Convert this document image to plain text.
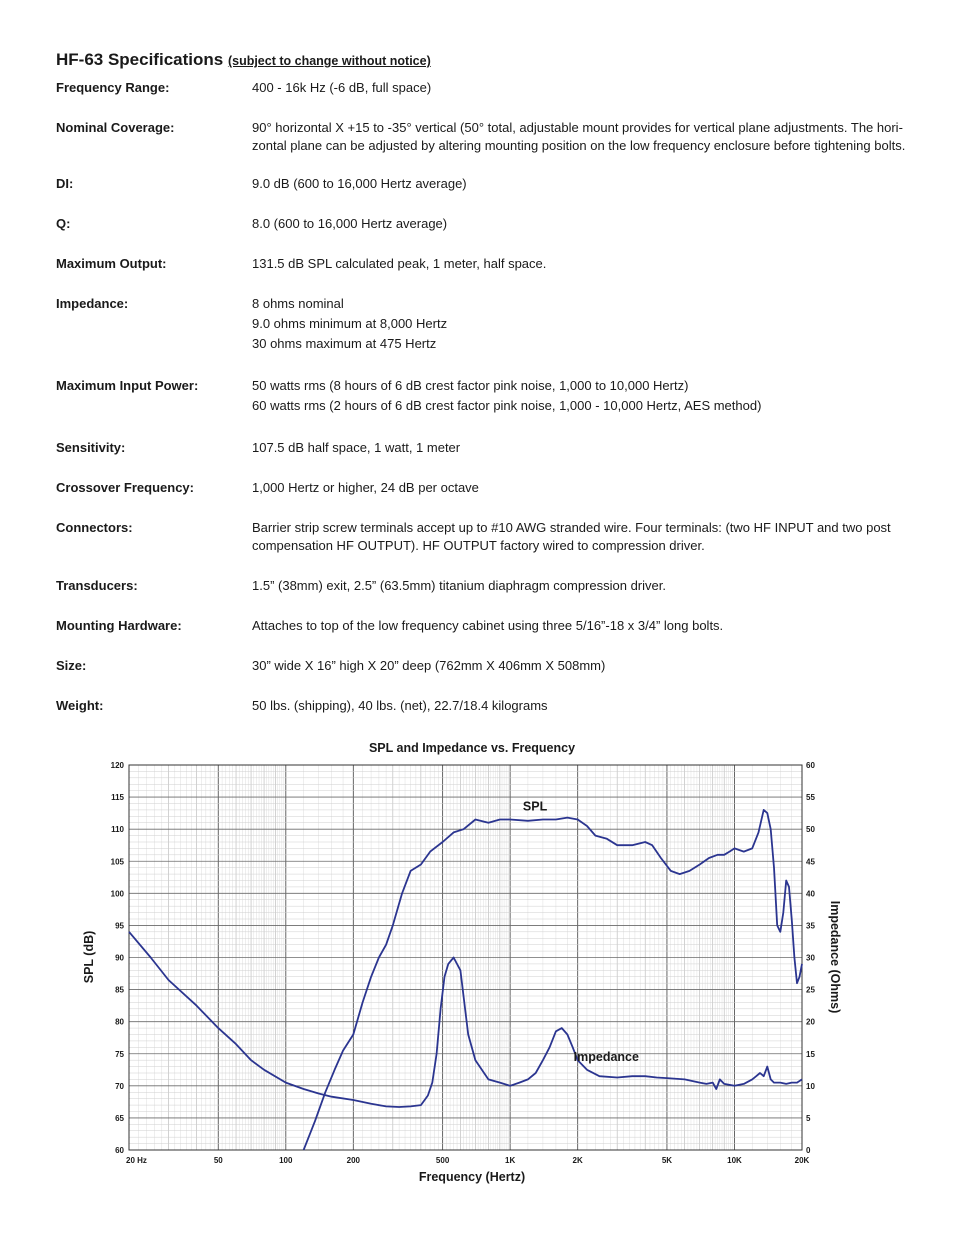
HF-63 Specifications (subject to change without notice)
Frequency Range:	400 - 16k Hz (-6 dB, full space)
Nominal Coverage:	90° horizontal X +15 to -35° vertical (50° total, adjustable mount provides for vertical plane adjustments. The hori-
zontal plane can be adjusted by altering mounting position on the low frequency enclosure before tightening bolts.
DI:	9.0 dB (600 to 16,000 Hertz average)
Q:	8.0 (600 to 16,000 Hertz average)
Maximum Output:	131.5 dB SPL calculated peak, 1 meter, half space.
Impedance:	8 ohms nominal
9.0 ohms minimum at 8,000 Hertz
30 ohms maximum at 475 Hertz
Maximum Input Power:	50 watts rms (8 hours of 6 dB crest factor pink noise, 1,000 to 10,000 Hertz)
60 watts rms (2 hours of 6 dB crest factor pink noise, 1,000 - 10,000 Hertz, AES method)
Sensitivity:	107.5 dB half space, 1 watt, 1 meter
Crossover Frequency:	1,000 Hertz or higher, 24 dB per octave
Connectors:	Barrier strip screw terminals accept up to #10 AWG stranded wire. Four terminals: (two HF INPUT and two post
compensation HF OUTPUT). HF OUTPUT factory wired to compression driver.
Transducers:	1.5” (38mm) exit, 2.5” (63.5mm) titanium diaphragm compression driver.
Mounting Hardware:	Attaches to top of the low frequency cabinet using three 5/16”-18 x 3/4” long bolts.
Size:	30” wide X 16” high X 20” deep (762mm X 406mm X 508mm)
Weight:	50 lbs. (shipping), 40 lbs. (net), 22.7/18.4 kilograms
60
65
70
75
80
85
90
95
100
105
110
115
120
0
5
10
15
20
25
30
35
40
45
50
55
60
20 Hz	50	100	200	500	1K	2K	5K	10K	20K
SPL
Impedance
SPL and Impedance vs. Frequency
Frequency (Hertz)
SPL (dB)	Impedance (Ohms)
